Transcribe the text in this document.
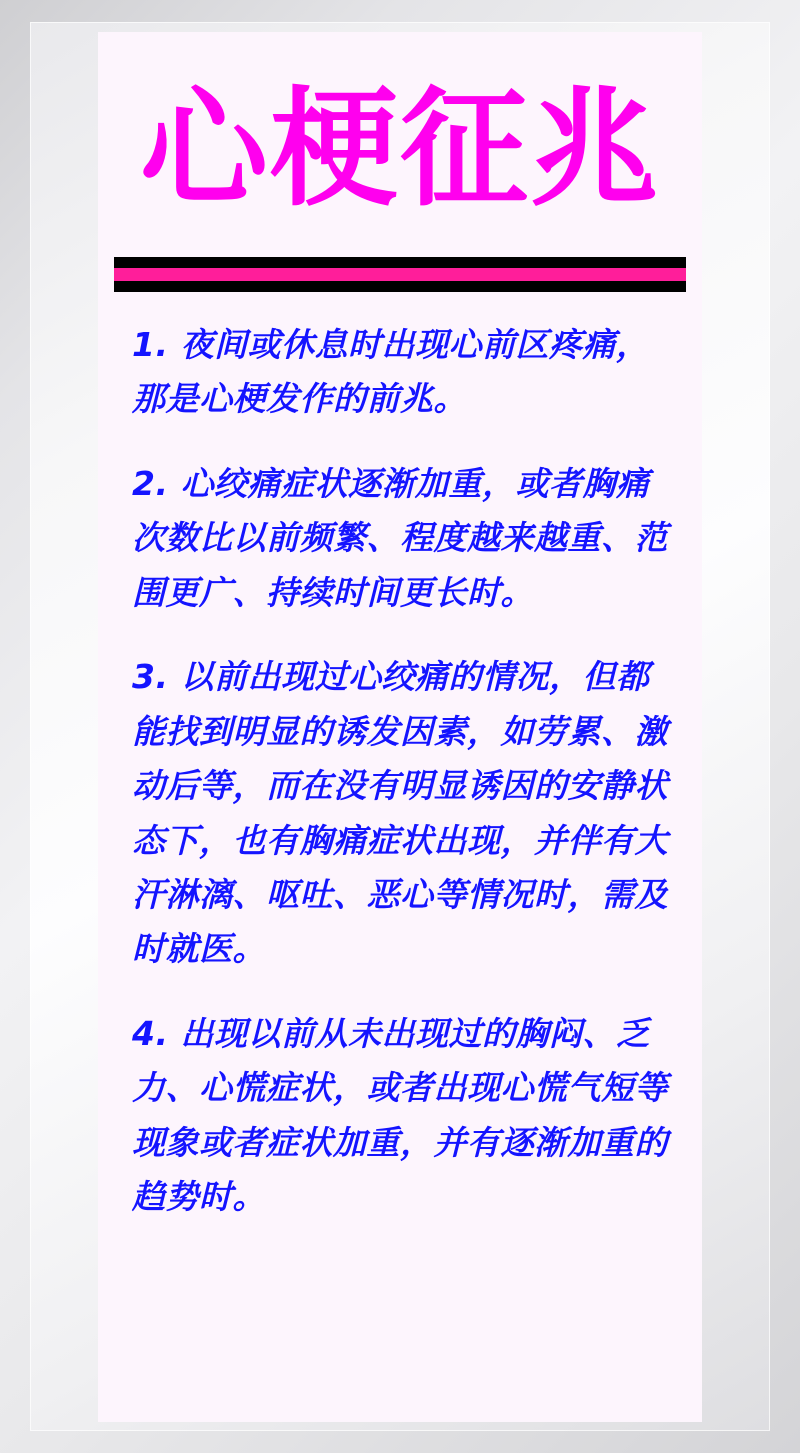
心梗征兆

1. 夜间或休息时出现心前区疼痛，那是心梗发作的前兆。

2. 心绞痛症状逐渐加重，或者胸痛次数比以前频繁、程度越来越重、范围更广、持续时间更长时。

3. 以前出现过心绞痛的情况，但都能找到明显的诱发因素，如劳累、激动后等，而在没有明显诱因的安静状态下，也有胸痛症状出现，并伴有大汗淋漓、呕吐、恶心等情况时，需及时就医。

4. 出现以前从未出现过的胸闷、乏力、心慌症状，或者出现心慌气短等现象或者症状加重，并有逐渐加重的趋势时。
